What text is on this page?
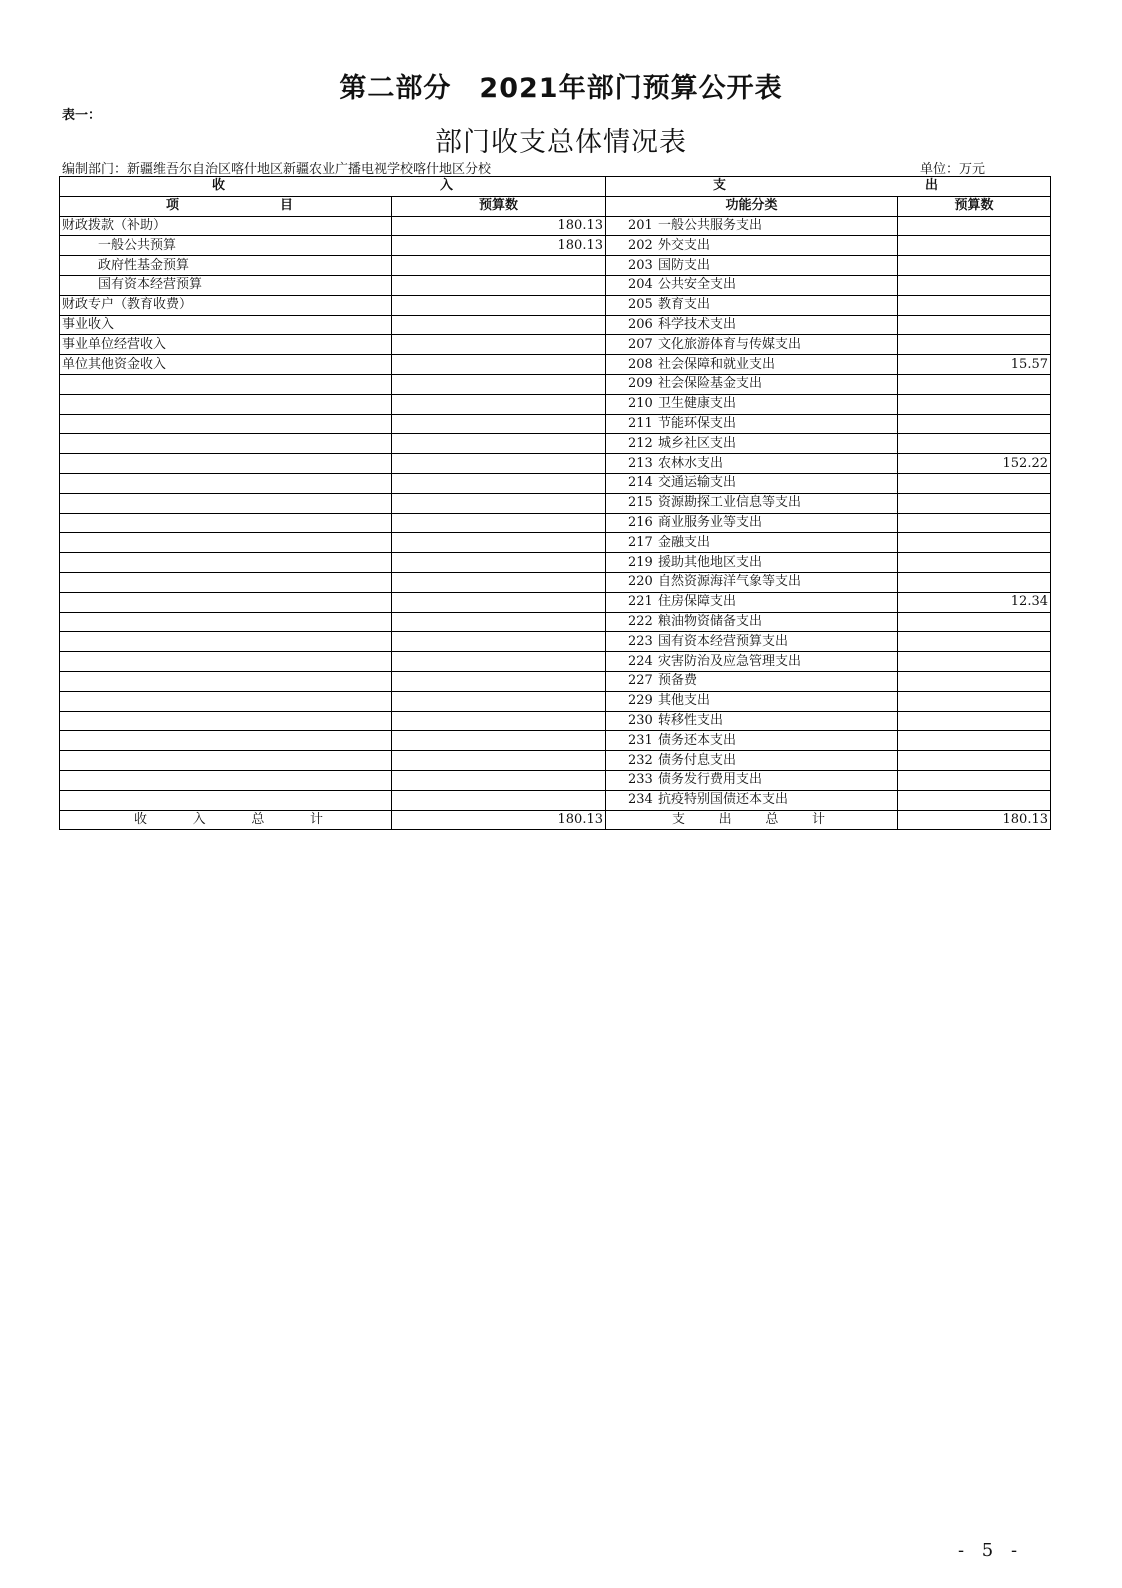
第二部分　2021年部门预算公开表
表一：
部门收支总体情况表
编制部门：新疆维吾尔自治区喀什地区新疆农业广播电视学校喀什地区分校	单位：万元
收 入		支 出	

项 目	预算数	功能分类	预算数
财政拨款（补助）	180.13	201 一般公共服务支出	
一般公共预算	180.13	202 外交支出	
政府性基金预算		203 国防支出	
国有资本经营预算		204 公共安全支出	
财政专户（教育收费）		205 教育支出	
事业收入		206 科学技术支出	
事业单位经营收入		207 文化旅游体育与传媒支出	
单位其他资金收入		208 社会保障和就业支出	15.57
		209 社会保险基金支出	
		210 卫生健康支出	
		211 节能环保支出	
		212 城乡社区支出	
		213 农林水支出	152.22
		214 交通运输支出	
		215 资源勘探工业信息等支出	
		216 商业服务业等支出	
		217 金融支出	
		219 援助其他地区支出	
		220 自然资源海洋气象等支出	
		221 住房保障支出	12.34
		222 粮油物资储备支出	
		223 国有资本经营预算支出	
		224 灾害防治及应急管理支出	
		227 预备费	
		229 其他支出	
		230 转移性支出	
		231 债务还本支出	
		232 债务付息支出	
		233 债务发行费用支出	
		234 抗疫特别国债还本支出	

收 入 总 计	180.13	支 出 总 计	180.13
- 5 -
